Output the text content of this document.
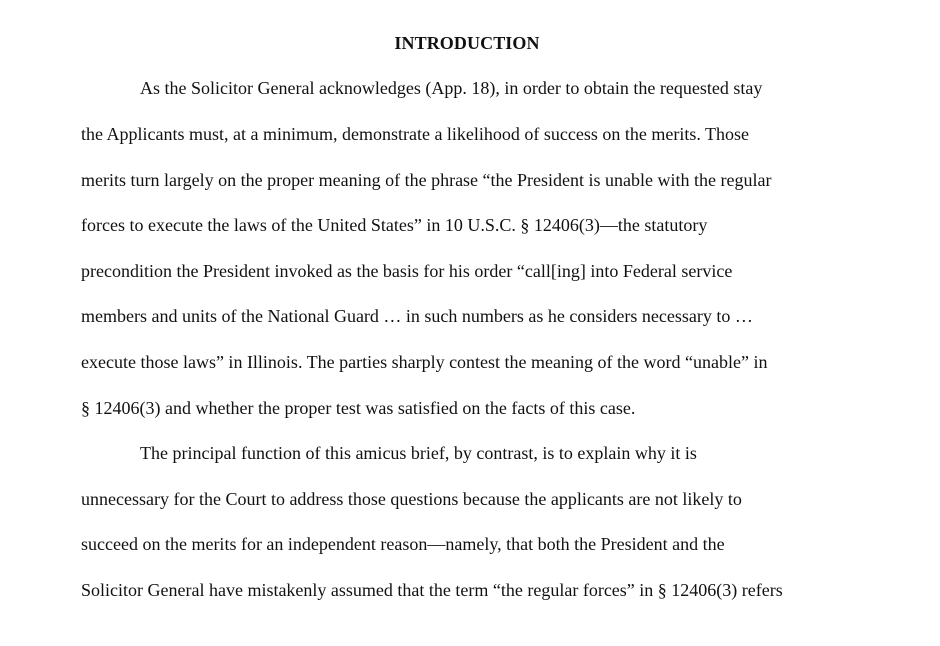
INTRODUCTION
As the Solicitor General acknowledges (App. 18), in order to obtain the requested stay
the Applicants must, at a minimum, demonstrate a likelihood of success on the merits. Those
merits turn largely on the proper meaning of the phrase “the President is unable with the regular
forces to execute the laws of the United States” in 10 U.S.C. § 12406(3)—the statutory
precondition the President invoked as the basis for his order “call[ing] into Federal service
members and units of the National Guard … in such numbers as he considers necessary to …
execute those laws” in Illinois. The parties sharply contest the meaning of the word “unable” in
§ 12406(3) and whether the proper test was satisfied on the facts of this case.
The principal function of this amicus brief, by contrast, is to explain why it is
unnecessary for the Court to address those questions because the applicants are not likely to
succeed on the merits for an independent reason—namely, that both the President and the
Solicitor General have mistakenly assumed that the term “the regular forces” in § 12406(3) refers
